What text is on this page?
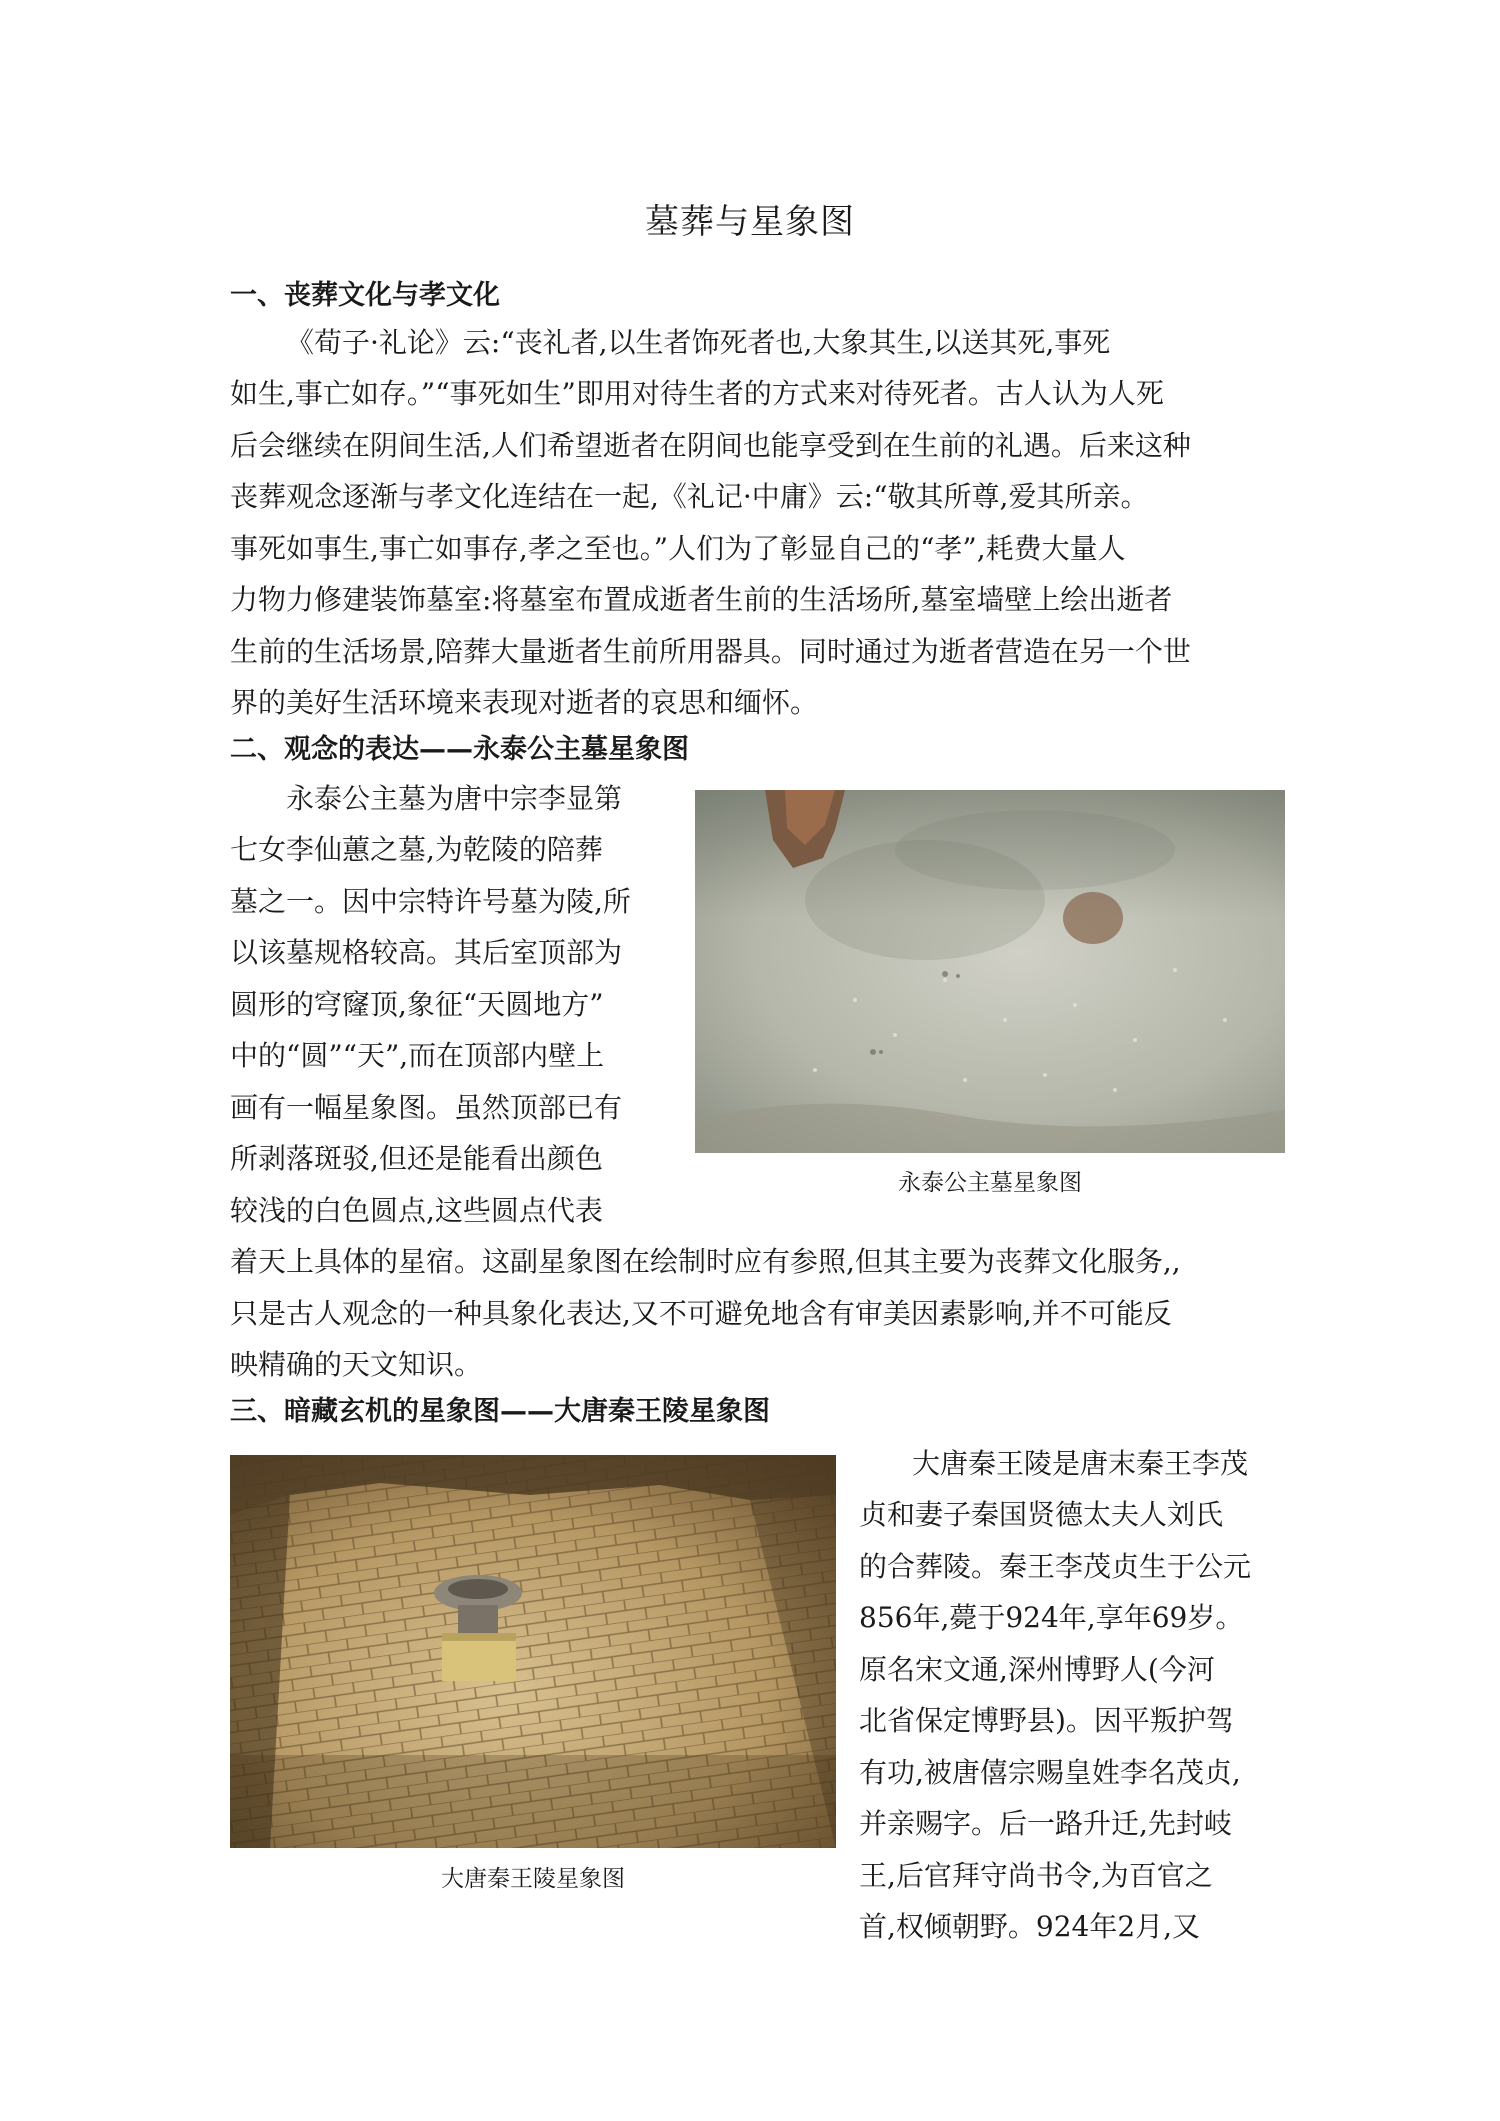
墓葬与星象图
一、丧葬文化与孝文化
《荀子·礼论》云:“丧礼者,以生者饰死者也,大象其生,以送其死,事死
如生,事亡如存。”“事死如生”即用对待生者的方式来对待死者。古人认为人死
后会继续在阴间生活,人们希望逝者在阴间也能享受到在生前的礼遇。后来这种
丧葬观念逐渐与孝文化连结在一起,《礼记·中庸》云:“敬其所尊,爱其所亲。
事死如事生,事亡如事存,孝之至也。”人们为了彰显自己的“孝”,耗费大量人
力物力修建装饰墓室:将墓室布置成逝者生前的生活场所,墓室墙壁上绘出逝者
生前的生活场景,陪葬大量逝者生前所用器具。同时通过为逝者营造在另一个世
界的美好生活环境来表现对逝者的哀思和缅怀。
二、观念的表达——永泰公主墓星象图
永泰公主墓为唐中宗李显第
七女李仙蕙之墓,为乾陵的陪葬
墓之一。因中宗特许号墓为陵,所
以该墓规格较高。其后室顶部为
圆形的穹窿顶,象征“天圆地方”
中的“圆”“天”,而在顶部内壁上
画有一幅星象图。虽然顶部已有
所剥落斑驳,但还是能看出颜色
较浅的白色圆点,这些圆点代表
着天上具体的星宿。这副星象图在绘制时应有参照,但其主要为丧葬文化服务,,
只是古人观念的一种具象化表达,又不可避免地含有审美因素影响,并不可能反
映精确的天文知识。
永泰公主墓星象图
三、暗藏玄机的星象图——大唐秦王陵星象图
大唐秦王陵是唐末秦王李茂
贞和妻子秦国贤德太夫人刘氏
的合葬陵。秦王李茂贞生于公元
856年,薨于924年,享年69岁。
原名宋文通,深州博野人(今河
北省保定博野县)。因平叛护驾
有功,被唐僖宗赐皇姓李名茂贞,
并亲赐字。后一路升迁,先封岐
王,后官拜守尚书令,为百官之
首,权倾朝野。924年2月,又
大唐秦王陵星象图
